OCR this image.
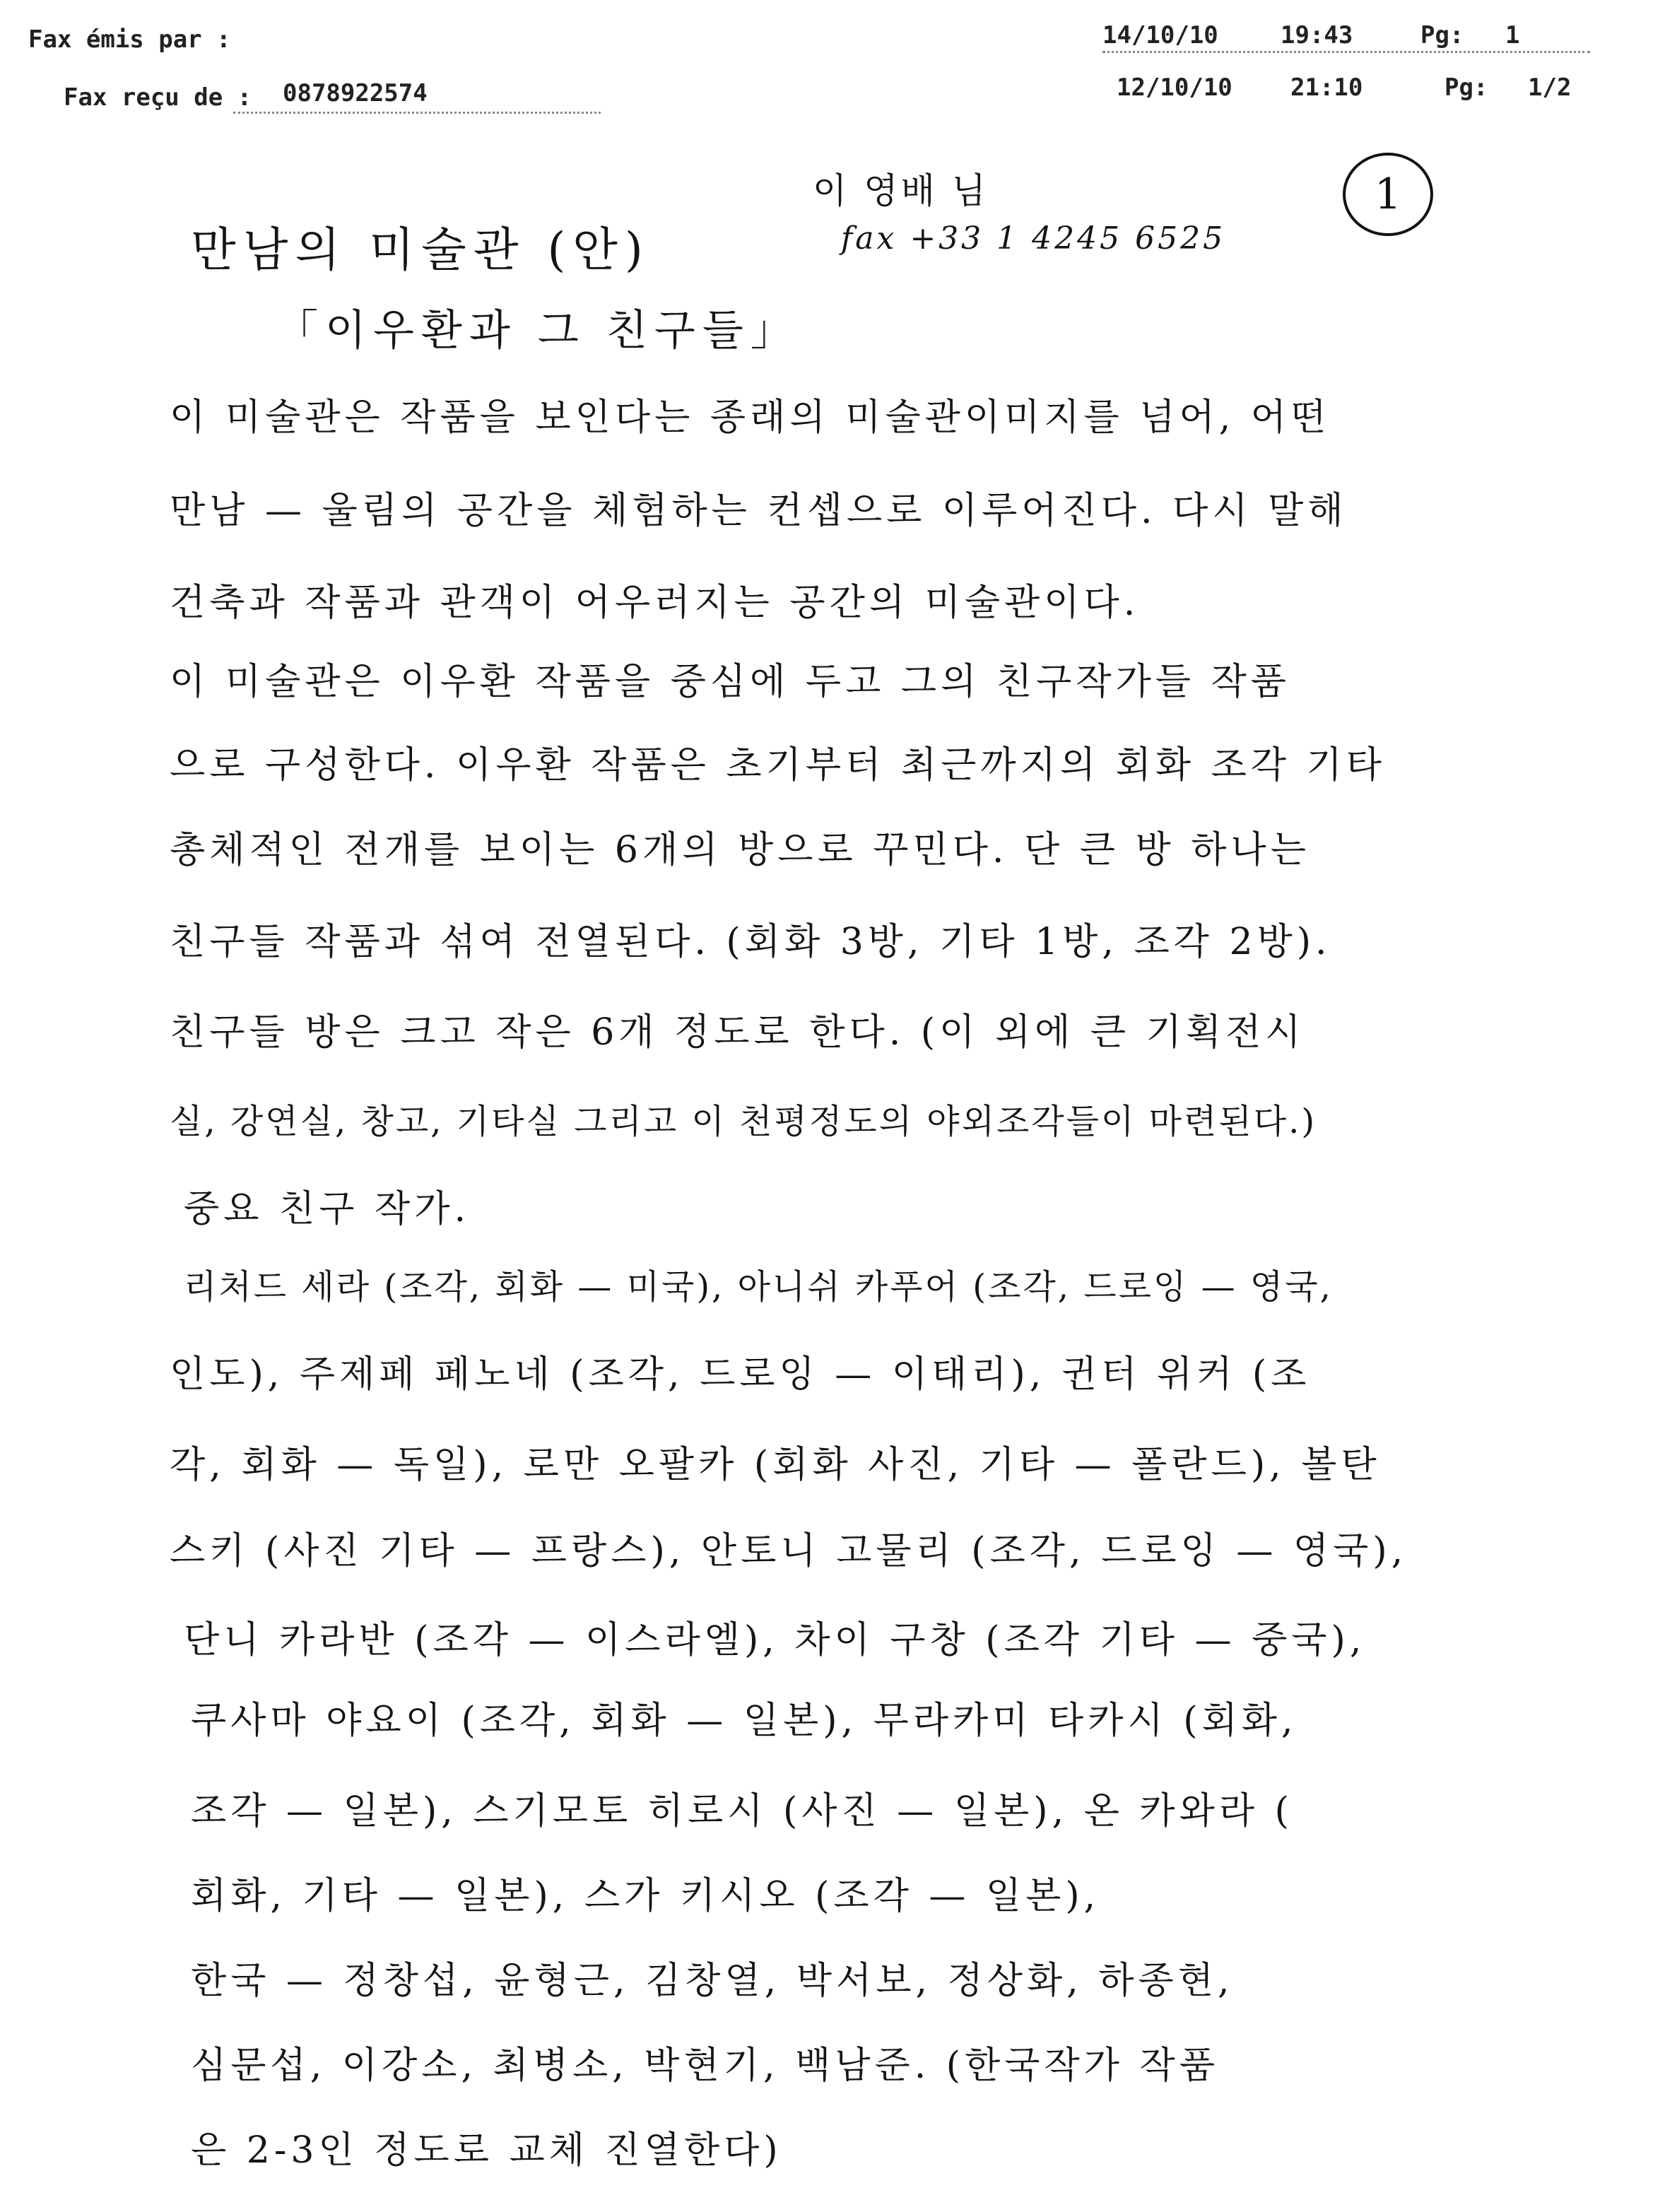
Fax émis par :	14/10/10	19:43	Pg: 1
Fax reçu de : 0878922574	12/10/10 21:10	Pg: 1/2
이 영배 님
fax +33 1 4245 6525
1
만남의 미술관 (안)
「이우환과 그 친구들」
이 미술관은 작품을 보인다는 종래의 미술관이미지를 넘어, 어떤
만남 — 울림의 공간을 체험하는 컨셉으로 이루어진다. 다시 말해
건축과 작품과 관객이 어우러지는 공간의 미술관이다.
이 미술관은 이우환 작품을 중심에 두고 그의 친구작가들 작품
으로 구성한다. 이우환 작품은 초기부터 최근까지의 회화 조각 기타
총체적인 전개를 보이는 6개의 방으로 꾸민다. 단 큰 방 하나는
친구들 작품과 섞여 전열된다. (회화 3방, 기타 1방, 조각 2방).
친구들 방은 크고 작은 6개 정도로 한다. (이 외에 큰 기획전시
실, 강연실, 창고, 기타실 그리고 이 천평정도의 야외조각들이 마련된다.)
중요 친구 작가.
리처드 세라 (조각, 회화 — 미국), 아니쉬 카푸어 (조각, 드로잉 — 영국,
인도), 주제페 페노네 (조각, 드로잉 — 이태리), 귄터 위커 (조
각, 회화 — 독일), 로만 오팔카 (회화 사진, 기타 — 폴란드), 볼탄
스키 (사진 기타 — 프랑스), 안토니 고물리 (조각, 드로잉 — 영국),
단니 카라반 (조각 — 이스라엘), 차이 구창 (조각 기타 — 중국),
쿠사마 야요이 (조각, 회화 — 일본), 무라카미 타카시 (회화,
조각 — 일본), 스기모토 히로시 (사진 — 일본), 온 카와라 (
회화, 기타 — 일본), 스가 키시오 (조각 — 일본),
한국 — 정창섭, 윤형근, 김창열, 박서보, 정상화, 하종현,
심문섭, 이강소, 최병소, 박현기, 백남준. (한국작가 작품
은 2-3인 정도로 교체 진열한다)
